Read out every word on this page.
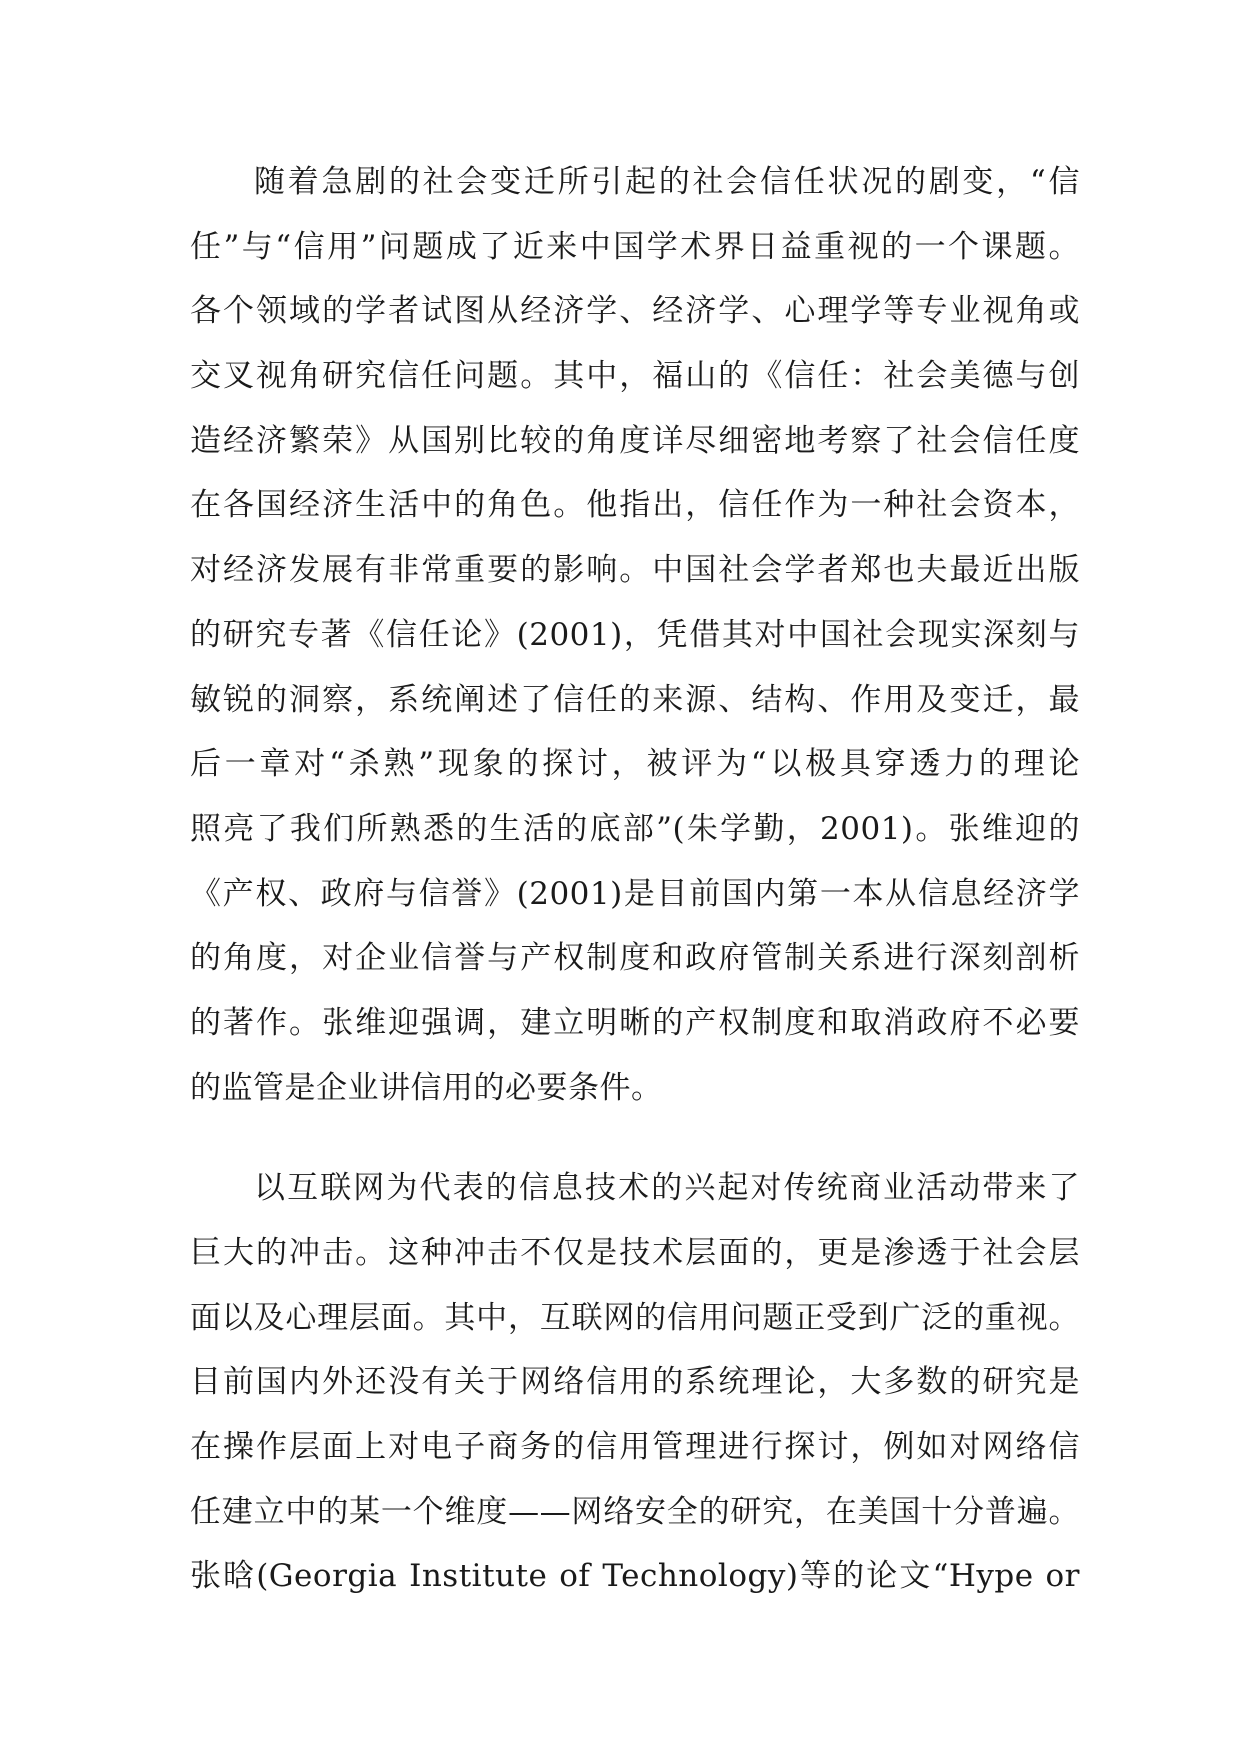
随着急剧的社会变迁所引起的社会信任状况的剧变，“信
任”与“信用”问题成了近来中国学术界日益重视的一个课题。
各个领域的学者试图从经济学、经济学、心理学等专业视角或
交叉视角研究信任问题。其中，福山的《信任：社会美德与创
造经济繁荣》从国别比较的角度详尽细密地考察了社会信任度
在各国经济生活中的角色。他指出，信任作为一种社会资本，
对经济发展有非常重要的影响。中国社会学者郑也夫最近出版
的研究专著《信任论》(2001)，凭借其对中国社会现实深刻与
敏锐的洞察，系统阐述了信任的来源、结构、作用及变迁，最
后一章对“杀熟”现象的探讨，被评为“以极具穿透力的理论
照亮了我们所熟悉的生活的底部”(朱学勤，2001)。张维迎的
《产权、政府与信誉》(2001)是目前国内第一本从信息经济学
的角度，对企业信誉与产权制度和政府管制关系进行深刻剖析
的著作。张维迎强调，建立明晰的产权制度和取消政府不必要
的监管是企业讲信用的必要条件。
以互联网为代表的信息技术的兴起对传统商业活动带来了
巨大的冲击。这种冲击不仅是技术层面的，更是渗透于社会层
面以及心理层面。其中，互联网的信用问题正受到广泛的重视。
目前国内外还没有关于网络信用的系统理论，大多数的研究是
在操作层面上对电子商务的信用管理进行探讨，例如对网络信
任建立中的某一个维度——网络安全的研究，在美国十分普遍。
张晗(Georgia Institute of Technology)等的论文“Hype or
